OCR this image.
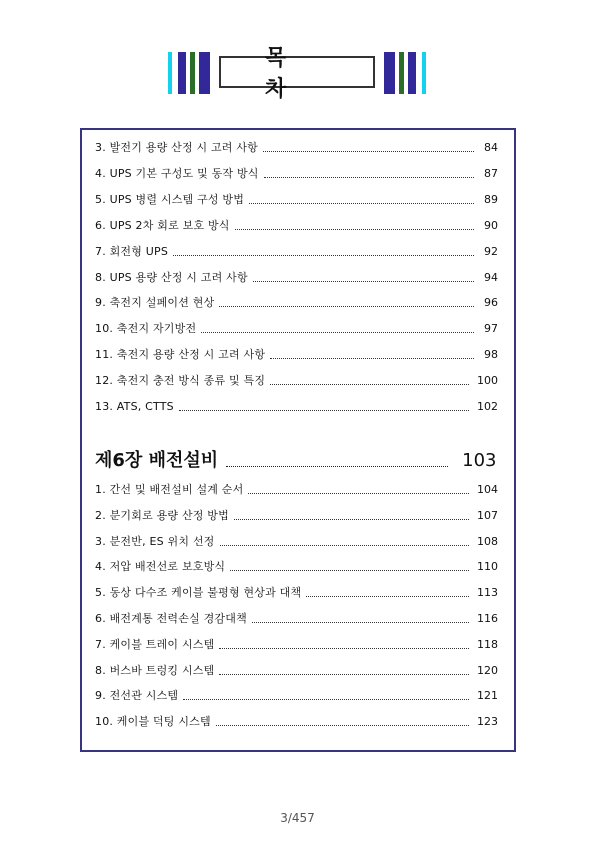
목 차
3. 발전기 용량 산정 시 고려 사항	84
4. UPS 기본 구성도 및 동작 방식	87
5. UPS 병렬 시스템 구성 방법	89
6. UPS 2차 회로 보호 방식	90
7. 회전형 UPS	92
8. UPS 용량 산정 시 고려 사항	94
9. 축전지 설페이션 현상	96
10. 축전지 자기방전	97
11. 축전지 용량 산정 시 고려 사항	98
12. 축전지 충전 방식 종류 및 특징	100
13. ATS, CTTS	102
제6장 배전설비	103
1. 간선 및 배전설비 설계 순서	104
2. 분기회로 용량 산정 방법	107
3. 분전반, ES 위치 선정	108
4. 저압 배전선로 보호방식	110
5. 동상 다수조 케이블 불평형 현상과 대책	113
6. 배전계통 전력손실 경감대책	116
7. 케이블 트레이 시스템	118
8. 버스바 트렁킹 시스템	120
9. 전선관 시스템	121
10. 케이블 덕팅 시스템	123
3/457
